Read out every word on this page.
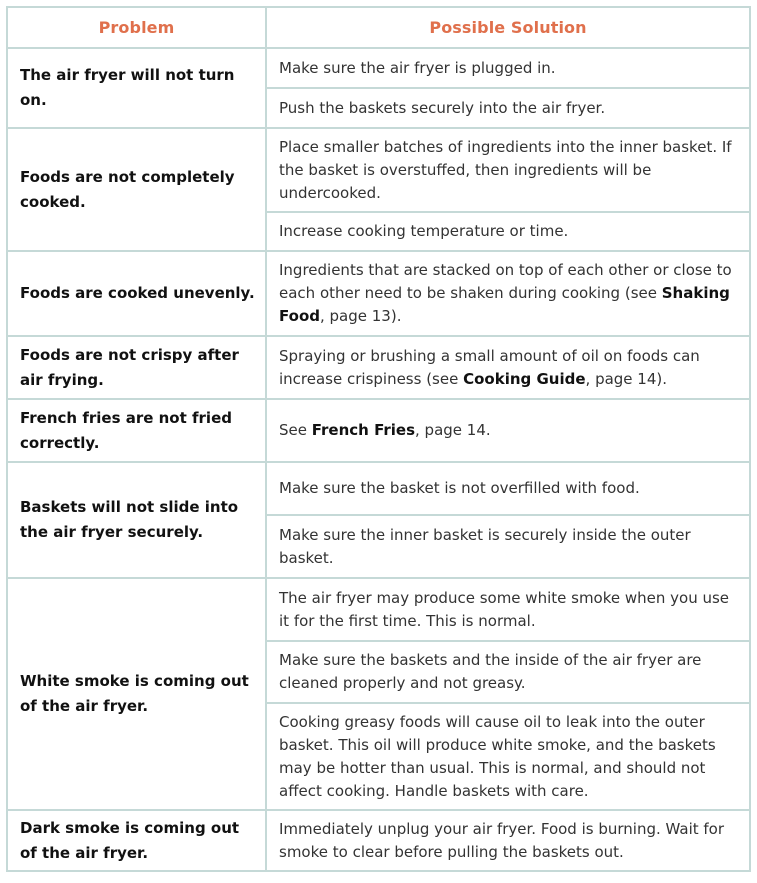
Problem	Possible Solution
The air fryer will not turn on.	Make sure the air fryer is plugged in.
	Push the baskets securely into the air fryer.
Foods are not completely cooked.	Place smaller batches of ingredients into the inner basket. If the basket is overstuffed, then ingredients will be undercooked.
	Increase cooking temperature or time.
Foods are cooked unevenly.	Ingredients that are stacked on top of each other or close to each other need to be shaken during cooking (see Shaking Food, page 13).
Foods are not crispy after air frying.	Spraying or brushing a small amount of oil on foods can increase crispiness (see Cooking Guide, page 14).
French fries are not fried correctly.	See French Fries, page 14.
Baskets will not slide into the air fryer securely.	Make sure the basket is not overfilled with food.
	Make sure the inner basket is securely inside the outer basket.
White smoke is coming out of the air fryer.	The air fryer may produce some white smoke when you use it for the first time. This is normal.
	Make sure the baskets and the inside of the air fryer are cleaned properly and not greasy.
	Cooking greasy foods will cause oil to leak into the outer basket. This oil will produce white smoke, and the baskets may be hotter than usual. This is normal, and should not affect cooking. Handle baskets with care.
Dark smoke is coming out of the air fryer.	Immediately unplug your air fryer. Food is burning. Wait for smoke to clear before pulling the baskets out.
